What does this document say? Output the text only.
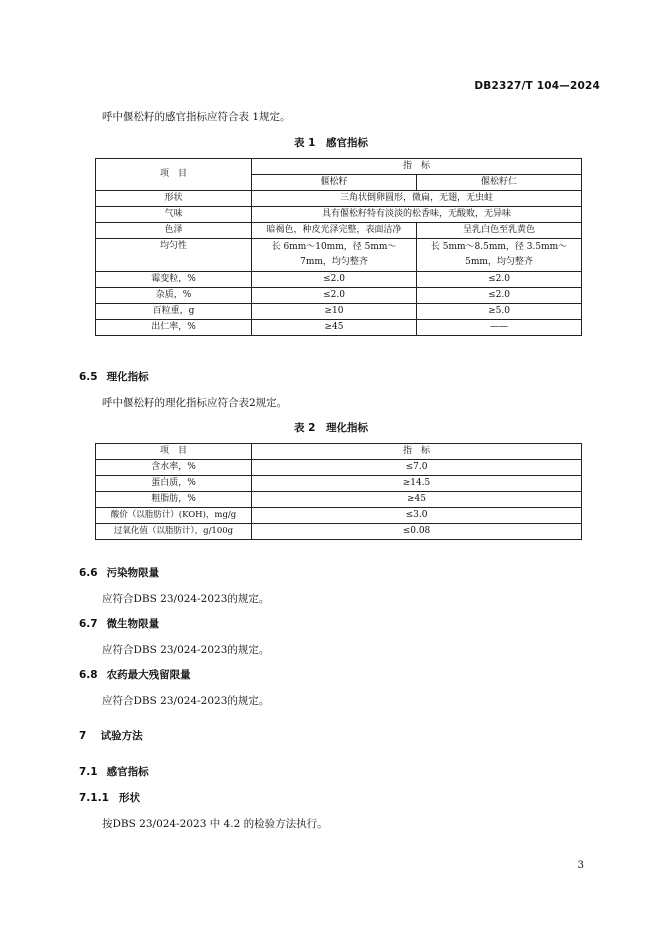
DB2327/T 104—2024
呼中偃松籽的感官指标应符合表 1规定。
表 1　感官指标
项　目	指　标	
	偃松籽	偃松籽仁
形状	三角状倒卵圆形，微扁，无翅，无虫蛀	
气味	具有偃松籽特有淡淡的松香味，无酸败，无异味	
色泽	暗褐色，种皮光泽完整，表面洁净	呈乳白色至乳黄色
均匀性	长 6mm～10mm，径 5mm～7mm，均匀整齐	长 5mm～8.5mm，径 3.5mm～5mm，均匀整齐
霉变粒，%	≤2.0	≤2.0
杂质，%	≤2.0	≤2.0
百粒重，g	≥10	≥5.0
出仁率，%	≥45	——
6.5 理化指标
呼中偃松籽的理化指标应符合表2规定。
表 2　理化指标
项　目	指　标
含水率，%	≤7.0
蛋白质，%	≥14.5
粗脂肪，%	≥45
酸价（以脂肪计）(KOH)，mg/g	≤3.0
过氧化值（以脂肪计），g/100g	≤0.08
6.6 污染物限量
应符合DBS 23/024-2023的规定。
6.7 微生物限量
应符合DBS 23/024-2023的规定。
6.8 农药最大残留限量
应符合DBS 23/024-2023的规定。
7 试验方法
7.1 感官指标
7.1.1 形状
按DBS 23/024-2023 中 4.2 的检验方法执行。
3
